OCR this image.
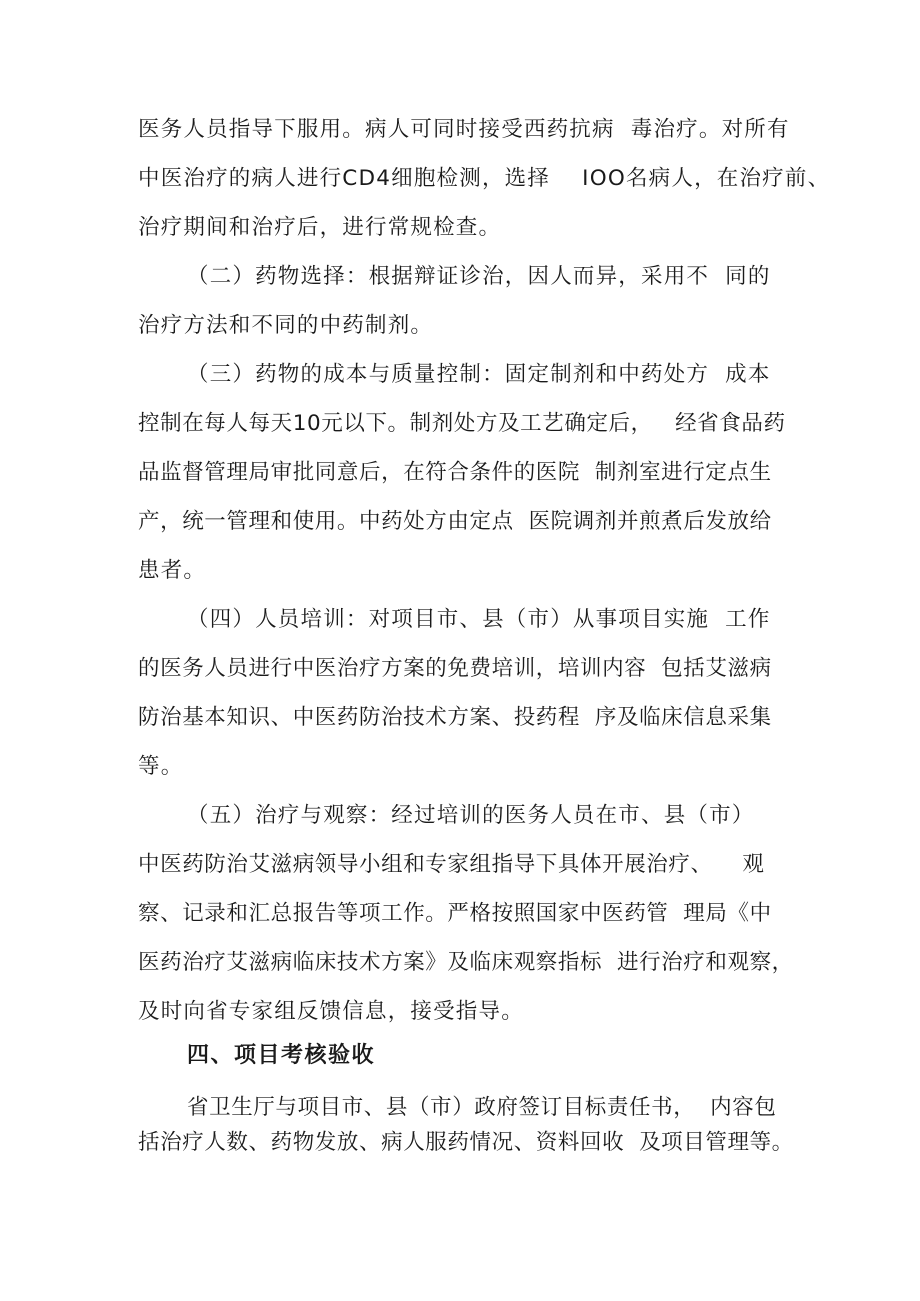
医务人员指导下服用。病人可同时接受西药抗病  毒治疗。对所有
中医治疗的病人进行CD4细胞检测，选择    IOO名病人，在治疗前、
治疗期间和治疗后，进行常规检查。
（二）药物选择：根据辩证诊治，因人而异，采用不  同的
治疗方法和不同的中药制剂。
（三）药物的成本与质量控制：固定制剂和中药处方  成本
控制在每人每天10元以下。制剂处方及工艺确定后，   经省食品药
品监督管理局审批同意后，在符合条件的医院  制剂室进行定点生
产，统一管理和使用。中药处方由定点  医院调剂并煎煮后发放给
患者。
（四）人员培训：对项目市、县（市）从事项目实施  工作
的医务人员进行中医治疗方案的免费培训，培训内容  包括艾滋病
防治基本知识、中医药防治技术方案、投药程  序及临床信息采集
等。
（五）治疗与观察：经过培训的医务人员在市、县（市）
中医药防治艾滋病领导小组和专家组指导下具体开展治疗、    观
察、记录和汇总报告等项工作。严格按照国家中医药管  理局《中
医药治疗艾滋病临床技术方案》及临床观察指标  进行治疗和观察，
及时向省专家组反馈信息，接受指导。
四、项目考核验收
省卫生厅与项目市、县（市）政府签订目标责任书，  内容包
括治疗人数、药物发放、病人服药情况、资料回收  及项目管理等。
